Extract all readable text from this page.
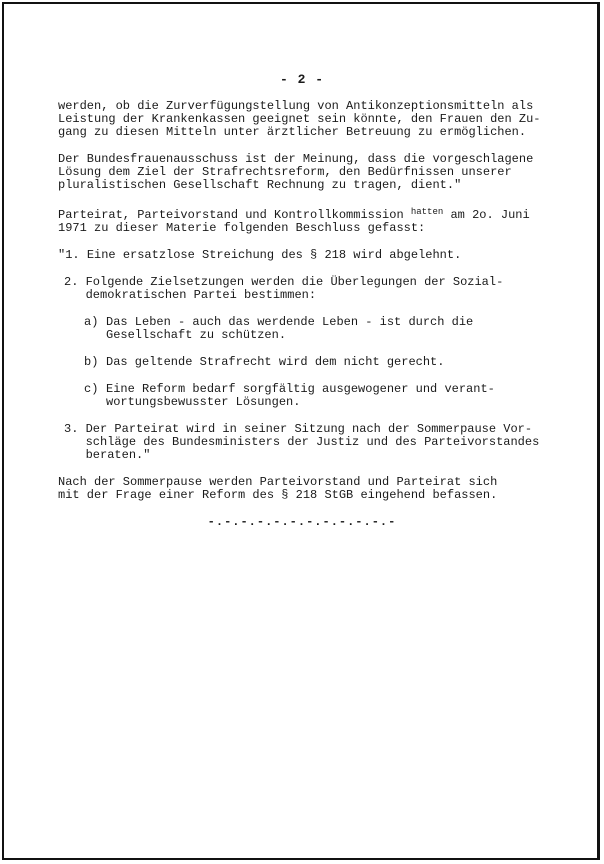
- 2 -

werden, ob die Zurverfügungstellung von Antikonzeptionsmitteln als
Leistung der Krankenkassen geeignet sein könnte, den Frauen den Zu-
gang zu diesen Mitteln unter ärztlicher Betreuung zu ermöglichen.

Der Bundesfrauenausschuss ist der Meinung, dass die vorgeschlagene
Lösung dem Ziel der Strafrechtsreform, den Bedürfnissen unserer
pluralistischen Gesellschaft Rechnung zu tragen, dient."

Parteirat, Parteivorstand und Kontrollkommission $^{hatten}$ am 2o. Juni
1971 zu dieser Materie folgenden Beschluss gefasst:

"1. Eine ersatzlose Streichung des § 218 wird abgelehnt.
2. Folgende Zielsetzungen werden die Überlegungen der Sozial-
demokratischen Partei bestimmen:
a) Das Leben - auch das werdende Leben - ist durch die
Gesellschaft zu schützen.
b) Das geltende Strafrecht wird dem nicht gerecht.
c) Eine Reform bedarf sorgfältig ausgewogener und verant-
wortungsbewusster Lösungen.
3. Der Parteirat wird in seiner Sitzung nach der Sommerpause Vor-
schläge des Bundesministers der Justiz und des Parteivorstandes
beraten."

Nach der Sommerpause werden Parteivorstand und Parteirat sich
mit der Frage einer Reform des § 218 StGB eingehend befassen.

-.-.-.-.-.-.-.-.-.-.-.-
